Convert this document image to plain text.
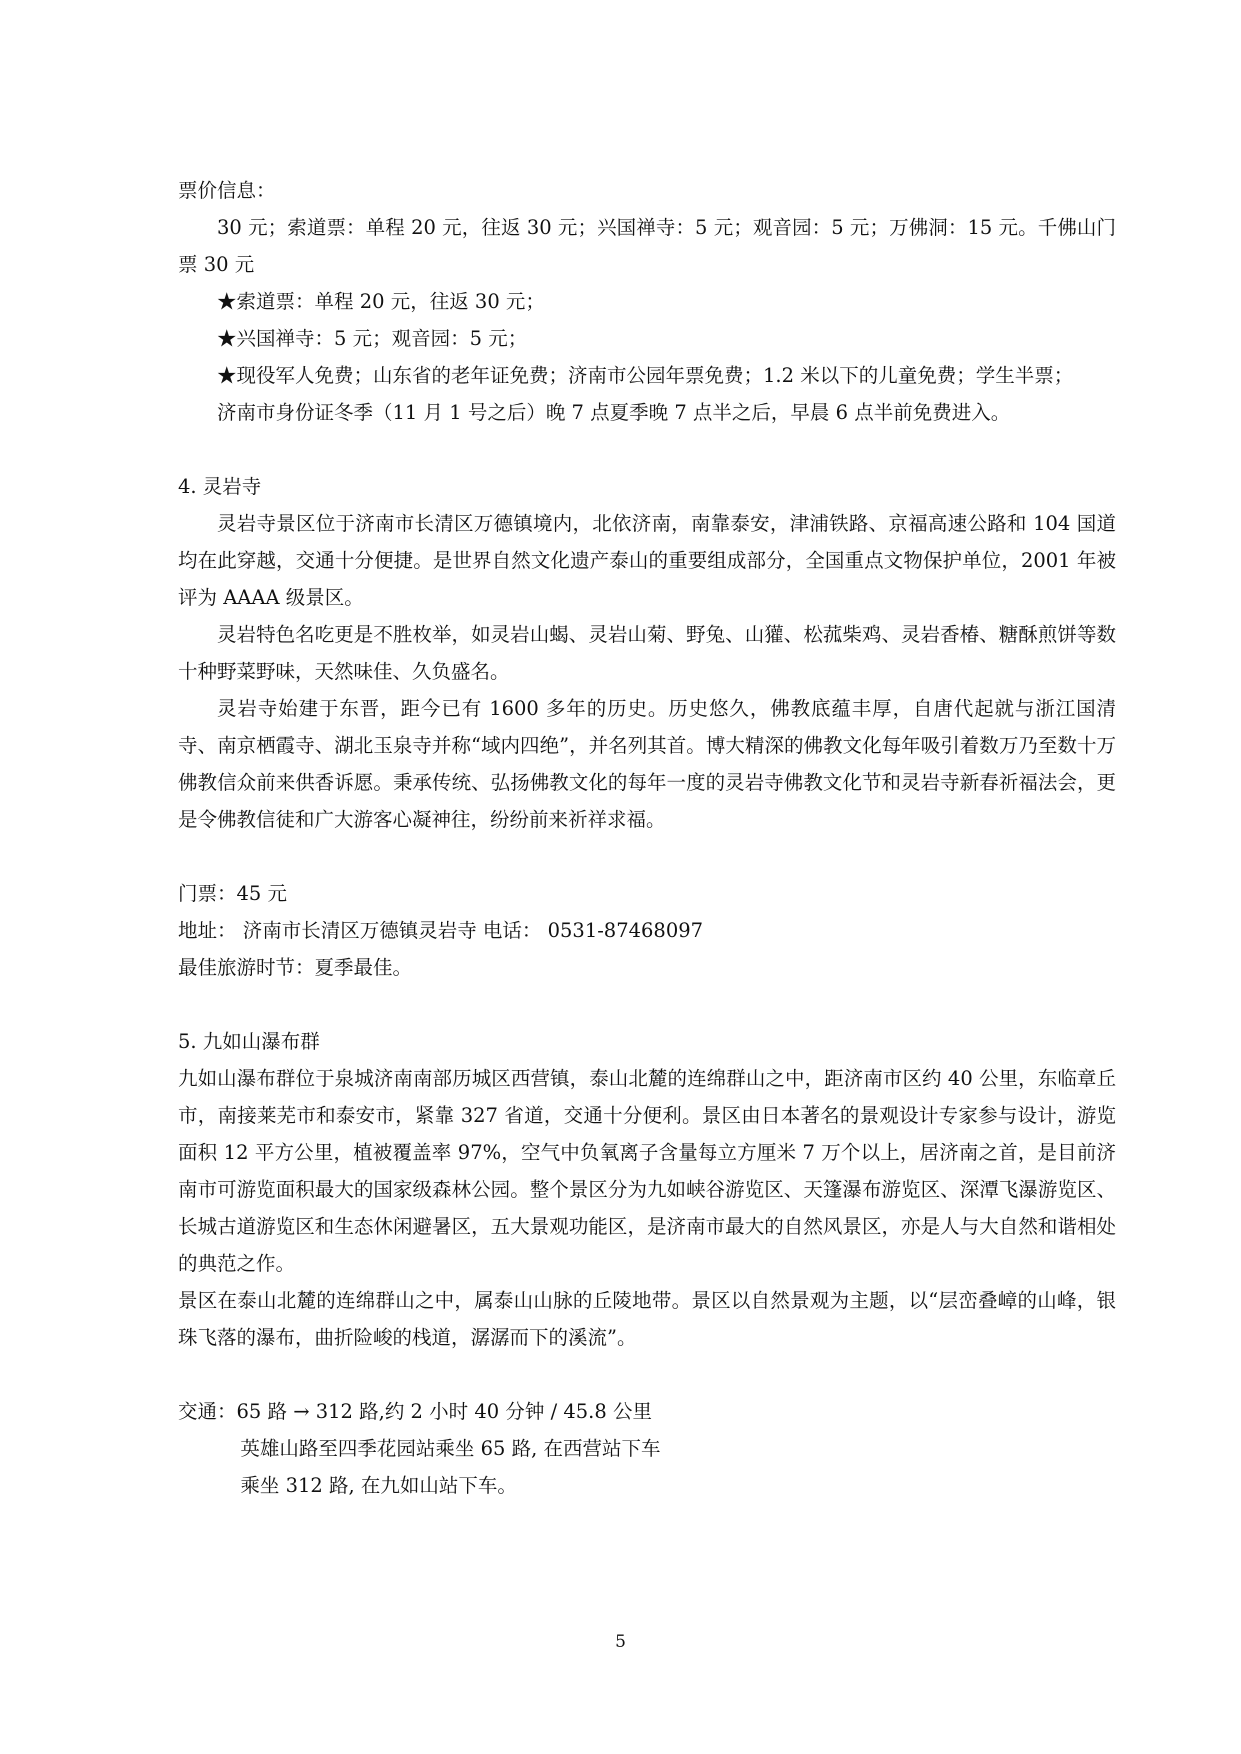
票价信息：

30 元；索道票：单程 20 元，往返 30 元；兴国禅寺：5 元；观音园：5 元；万佛洞：15 元。千佛山门票 30 元

★索道票：单程 20 元，往返 30 元；

★兴国禅寺：5 元；观音园：5 元；

★现役军人免费；山东省的老年证免费；济南市公园年票免费；1.2 米以下的儿童免费；学生半票；

济南市身份证冬季（11 月 1 号之后）晚 7 点夏季晚 7 点半之后，早晨 6 点半前免费进入。

4. 灵岩寺

灵岩寺景区位于济南市长清区万德镇境内，北依济南，南靠泰安，津浦铁路、京福高速公路和 104 国道均在此穿越，交通十分便捷。是世界自然文化遗产泰山的重要组成部分，全国重点文物保护单位，2001 年被评为 AAAA 级景区。

灵岩特色名吃更是不胜枚举，如灵岩山蝎、灵岩山菊、野兔、山獾、松菰柴鸡、灵岩香椿、糖酥煎饼等数十种野菜野味，天然味佳、久负盛名。

灵岩寺始建于东晋，距今已有 1600 多年的历史。历史悠久，佛教底蕴丰厚，自唐代起就与浙江国清寺、南京栖霞寺、湖北玉泉寺并称“域内四绝”，并名列其首。博大精深的佛教文化每年吸引着数万乃至数十万佛教信众前来供香诉愿。秉承传统、弘扬佛教文化的每年一度的灵岩寺佛教文化节和灵岩寺新春祈福法会，更是令佛教信徒和广大游客心凝神往，纷纷前来祈祥求福。

门票：45 元

地址： 济南市长清区万德镇灵岩寺 电话： 0531-87468097

最佳旅游时节：夏季最佳。

5. 九如山瀑布群

九如山瀑布群位于泉城济南南部历城区西营镇，泰山北麓的连绵群山之中，距济南市区约 40 公里，东临章丘市，南接莱芜市和泰安市，紧靠 327 省道，交通十分便利。景区由日本著名的景观设计专家参与设计，游览面积 12 平方公里，植被覆盖率 97%，空气中负氧离子含量每立方厘米 7 万个以上，居济南之首，是目前济南市可游览面积最大的国家级森林公园。整个景区分为九如峡谷游览区、天篷瀑布游览区、深潭飞瀑游览区、长城古道游览区和生态休闲避暑区，五大景观功能区，是济南市最大的自然风景区，亦是人与大自然和谐相处的典范之作。

景区在泰山北麓的连绵群山之中，属泰山山脉的丘陵地带。景区以自然景观为主题，以“层峦叠嶂的山峰，银珠飞落的瀑布，曲折险峻的栈道，潺潺而下的溪流”。

交通：65 路 → 312 路,约 2 小时 40 分钟 / 45.8 公里

英雄山路至四季花园站乘坐 65 路, 在西营站下车

乘坐 312 路, 在九如山站下车。

5
